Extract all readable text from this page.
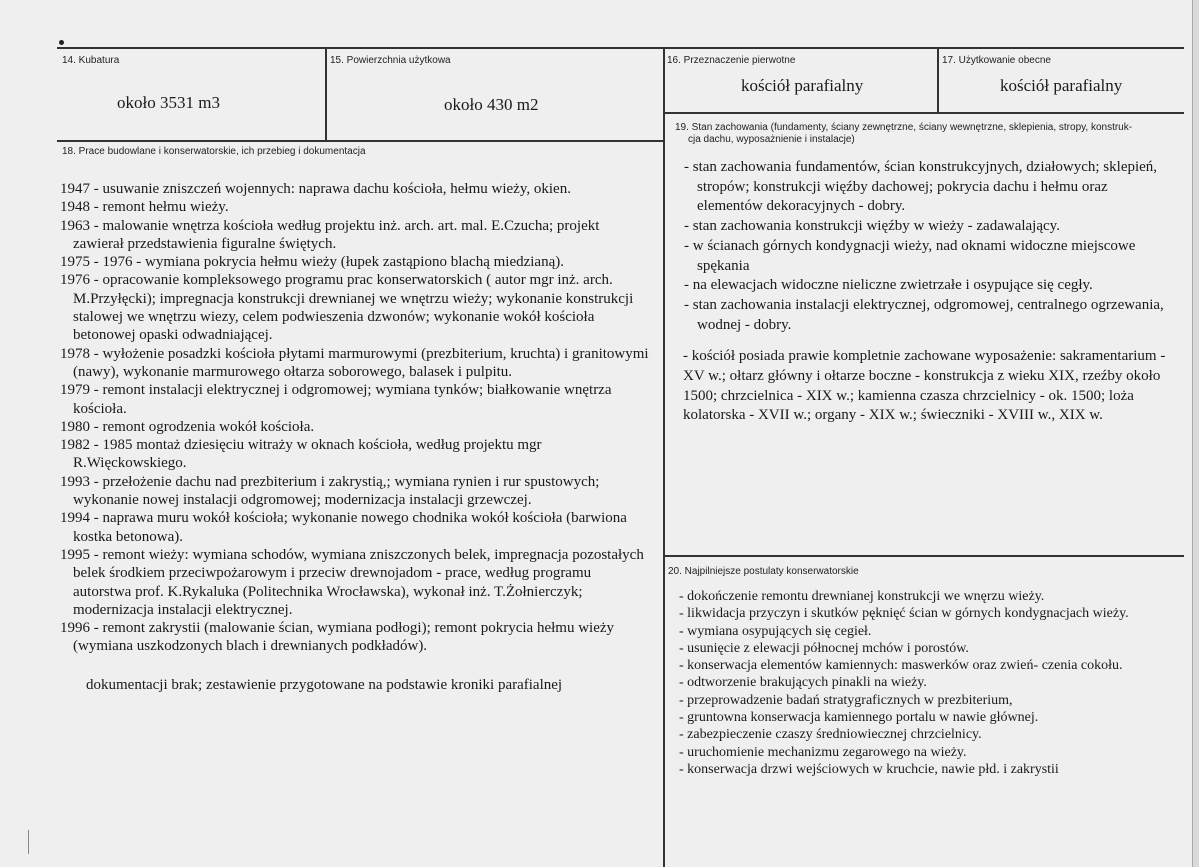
14. Kubatura
około 3531 m3
15. Powierzchnia użytkowa
około 430 m2
16. Przeznaczenie pierwotne
kościół parafialny
17. Użytkowanie obecne
kościół parafialny
18. Prace budowlane i konserwatorskie, ich przebieg i dokumentacja

1947 - usuwanie zniszczeń wojennych: naprawa dachu kościoła, hełmu wieży, okien.

1948 - remont hełmu wieży.

1963 - malowanie wnętrza kościoła według projektu inż. arch. art. mal. E.Czucha; projekt zawierał przedstawienia figuralne świętych.

1975 - 1976 - wymiana pokrycia hełmu wieży (łupek zastąpiono blachą miedzianą).

1976 - opracowanie kompleksowego programu prac konserwatorskich ( autor mgr inż. arch. M.Przyłęcki); impregnacja konstrukcji drewnianej we wnętrzu wieży; wykonanie konstrukcji stalowej we wnętrzu wiezy, celem podwieszenia dzwonów; wykonanie wokół kościoła betonowej opaski odwadniającej.

1978 - wyłożenie posadzki kościoła płytami marmurowymi (prezbiterium, kruchta) i granitowymi (nawy), wykonanie marmurowego ołtarza soborowego, balasek i pulpitu.

1979 - remont instalacji elektrycznej i odgromowej; wymiana tynków; białkowanie wnętrza kościoła.

1980 - remont ogrodzenia wokół kościoła.

1982 - 1985 montaż dziesięciu witraży w oknach kościoła, według projektu mgr R.Więckowskiego.

1993 - przełożenie dachu nad prezbiterium i zakrystią,; wymiana rynien i rur spustowych; wykonanie nowej instalacji odgromowej; modernizacja instalacji grzewczej.

1994 - naprawa muru wokół kościoła; wykonanie nowego chodnika wokół kościoła (barwiona kostka betonowa).

1995 - remont wieży: wymiana schodów, wymiana zniszczonych belek, impregnacja pozostałych belek środkiem przeciwpożarowym i przeciw drewnojadom - prace, według programu autorstwa prof. K.Rykaluka (Politechnika Wrocławska), wykonał inż. T.Żołnierczyk; modernizacja instalacji elektrycznej.

1996 - remont zakrystii (malowanie ścian, wymiana podłogi); remont pokrycia hełmu wieży (wymiana uszkodzonych blach i drewnianych podkładów).

dokumentacji brak; zestawienie przygotowane na podstawie kroniki parafialnej

19. Stan zachowania (fundamenty, ściany zewnętrzne, ściany wewnętrzne, sklepienia, stropy, konstruk-
cja dachu, wyposażnienie i instalacje)

- stan zachowania fundamentów, ścian konstrukcyjnych, działowych; sklepień, stropów; konstrukcji więźby dachowej; pokrycia dachu i hełmu oraz elementów dekoracyjnych - dobry.

- stan zachowania konstrukcji więźby w wieży - zadawalający.

- w ścianach górnych kondygnacji wieży, nad oknami widoczne miejscowe spękania

- na elewacjach widoczne nieliczne zwietrzałe i osypujące się cegły.

- stan zachowania instalacji elektrycznej, odgromowej, centralnego ogrzewania, wodnej - dobry.

- kościół posiada prawie kompletnie zachowane wyposażenie: sakramentarium - XV w.; ołtarz główny i ołtarze boczne - konstrukcja z wieku XIX, rzeźby około 1500; chrzcielnica - XIX w.; kamienna czasza chrzcielnicy - ok. 1500; loża kolatorska - XVII w.; organy - XIX w.; świeczniki - XVIII w., XIX w.

20. Najpilniejsze postulaty konserwatorskie

- dokończenie remontu drewnianej konstrukcji we wnęrzu wieży.

- likwidacja przyczyn i skutków pęknięć ścian w górnych kondygnacjach wieży.

- wymiana osypujących się cegieł.

- usunięcie z elewacji północnej mchów i porostów.

- konserwacja elementów kamiennych: maswerków oraz zwień- czenia cokołu.

- odtworzenie brakujących pinakli na wieży.

- przeprowadzenie badań stratygraficznych w prezbiterium,

- gruntowna konserwacja kamiennego portalu w nawie głównej.

- zabezpieczenie czaszy średniowiecznej chrzcielnicy.

- uruchomienie mechanizmu zegarowego na wieży.

- konserwacja drzwi wejściowych w kruchcie, nawie płd. i zakrystii
